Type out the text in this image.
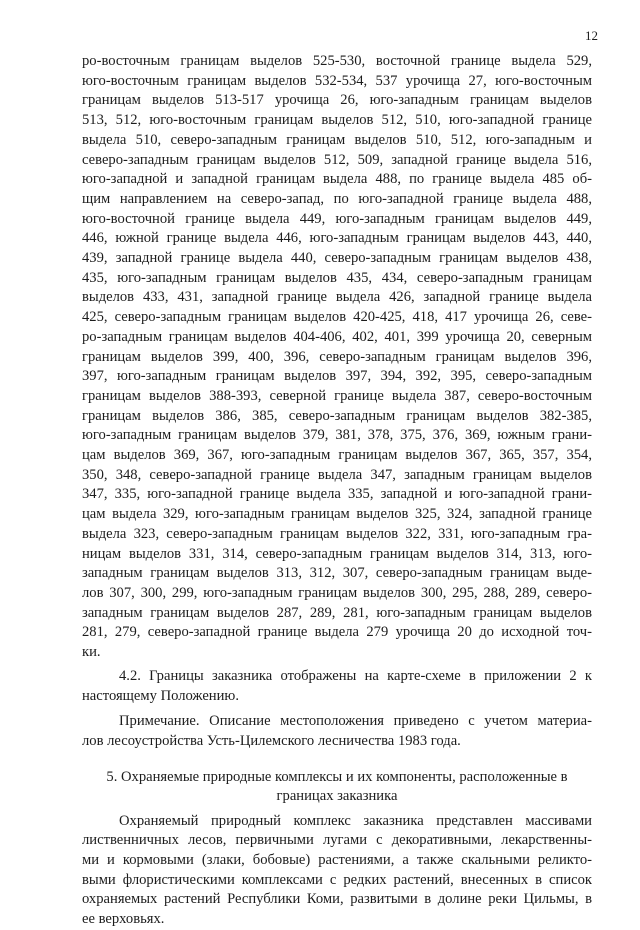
12

ро-восточным границам выделов 525-530, восточной границе выдела 529,

юго-восточным границам выделов 532-534, 537 урочища 27, юго-восточным

границам выделов 513-517 урочища 26, юго-западным границам выделов

513, 512, юго-восточным границам выделов 512, 510, юго-западной границе

выдела 510, северо-западным границам выделов 510, 512, юго-западным и

северо-западным границам выделов 512, 509, западной границе выдела 516,

юго-западной и западной границам выдела 488, по границе выдела 485 об-

щим направлением на северо-запад, по юго-западной границе выдела 488,

юго-восточной границе выдела 449, юго-западным границам выделов 449,

446, южной границе выдела 446, юго-западным границам выделов 443, 440,

439, западной границе выдела 440, северо-западным границам выделов 438,

435, юго-западным границам выделов 435, 434, северо-западным границам

выделов 433, 431, западной границе выдела 426, западной границе выдела

425, северо-западным границам выделов 420-425, 418, 417 урочища 26, севе-

ро-западным границам выделов 404-406, 402, 401, 399 урочища 20, северным

границам выделов 399, 400, 396, северо-западным границам выделов 396,

397, юго-западным границам выделов 397, 394, 392, 395, северо-западным

границам выделов 388-393, северной границе выдела 387, северо-восточным

границам выделов 386, 385, северо-западным границам выделов 382-385,

юго-западным границам выделов 379, 381, 378, 375, 376, 369, южным грани-

цам выделов 369, 367, юго-западным границам выделов 367, 365, 357, 354,

350, 348, северо-западной границе выдела 347, западным границам выделов

347, 335, юго-западной границе выдела 335, западной и юго-западной грани-

цам выдела 329, юго-западным границам выделов 325, 324, западной границе

выдела 323, северо-западным границам выделов 322, 331, юго-западным гра-

ницам выделов 331, 314, северо-западным границам выделов 314, 313, юго-

западным границам выделов 313, 312, 307, северо-западным границам выде-

лов 307, 300, 299, юго-западным границам выделов 300, 295, 288, 289, северо-

западным границам выделов 287, 289, 281, юго-западным границам выделов

281, 279, северо-западной границе выдела 279 урочища 20 до исходной точ-

ки.

4.2. Границы заказника отображены на карте-схеме в приложении 2 к

настоящему Положению.

Примечание. Описание местоположения приведено с учетом материа-

лов лесоустройства Усть-Цилемского лесничества 1983 года.

5. Охраняемые природные комплексы и их компоненты, расположенные в

границах заказника

Охраняемый природный комплекс заказника представлен массивами

лиственничных лесов, первичными лугами с декоративными, лекарственны-

ми и кормовыми (злаки, бобовые) растениями, а также скальными реликто-

выми флористическими комплексами с редких растений, внесенных в список

охраняемых растений Республики Коми, развитыми в долине реки Цильмы, в

ее верховьях.
